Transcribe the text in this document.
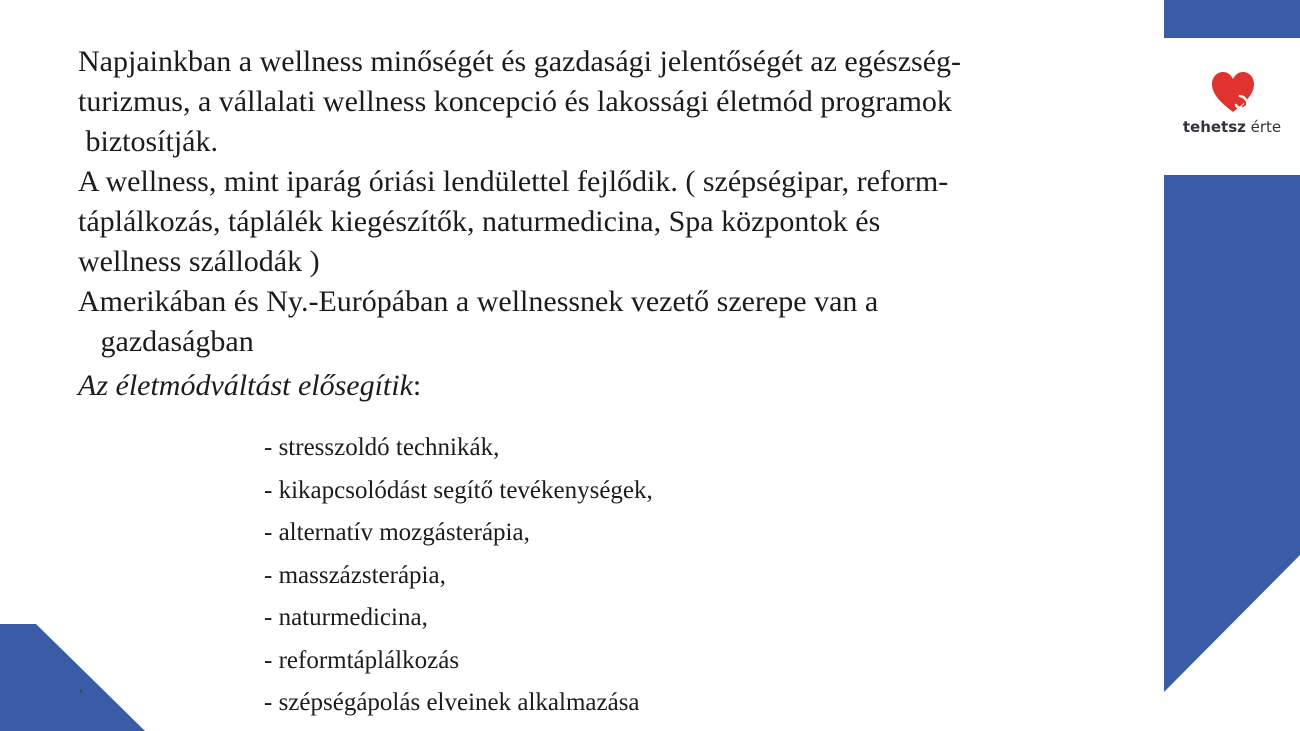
tehetsz érte

Napjainkban a wellness minőségét és gazdasági jelentőségét az egészség-
turizmus, a vállalati wellness koncepció és lakossági életmód programok
biztosítják.

A wellness, mint iparág óriási lendülettel fejlődik. ( szépségipar, reform-
táplálkozás, táplálék kiegészítők, naturmedicina, Spa központok és
wellness szállodák )

Amerikában és Ny.-Európában a wellnessnek vezető szerepe van a
gazdaságban

Az életmódváltást elősegítik:

- stresszoldó technikák,
- kikapcsolódást segítő tevékenységek,
- alternatív mozgásterápia,
- masszázsterápia,
- naturmedicina,
- reformtáplálkozás
- szépségápolás elveinek alkalmazása
,
